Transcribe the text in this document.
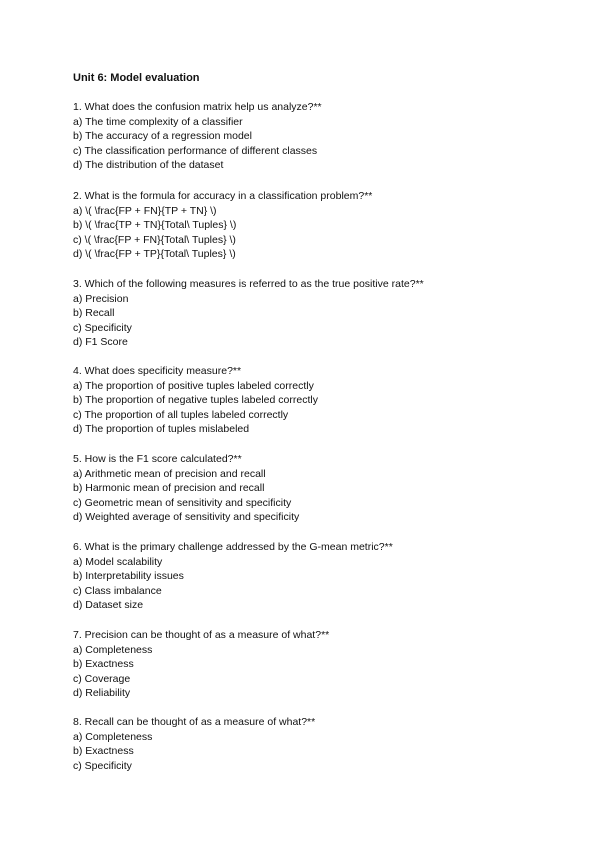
Unit 6: Model evaluation
1. What does the confusion matrix help us analyze?**
a) The time complexity of a classifier
b) The accuracy of a regression model
c) The classification performance of different classes
d) The distribution of the dataset
2. What is the formula for accuracy in a classification problem?**
a) \( \frac{FP + FN}{TP + TN} \)
b) \( \frac{TP + TN}{Total\ Tuples} \)
c) \( \frac{FP + FN}{Total\ Tuples} \)
d) \( \frac{FP + TP}{Total\ Tuples} \)
3. Which of the following measures is referred to as the true positive rate?**
a) Precision
b) Recall
c) Specificity
d) F1 Score
4. What does specificity measure?**
a) The proportion of positive tuples labeled correctly
b) The proportion of negative tuples labeled correctly
c) The proportion of all tuples labeled correctly
d) The proportion of tuples mislabeled
5. How is the F1 score calculated?**
a) Arithmetic mean of precision and recall
b) Harmonic mean of precision and recall
c) Geometric mean of sensitivity and specificity
d) Weighted average of sensitivity and specificity
6. What is the primary challenge addressed by the G-mean metric?**
a) Model scalability
b) Interpretability issues
c) Class imbalance
d) Dataset size
7. Precision can be thought of as a measure of what?**
a) Completeness
b) Exactness
c) Coverage
d) Reliability
8. Recall can be thought of as a measure of what?**
a) Completeness
b) Exactness
c) Specificity
